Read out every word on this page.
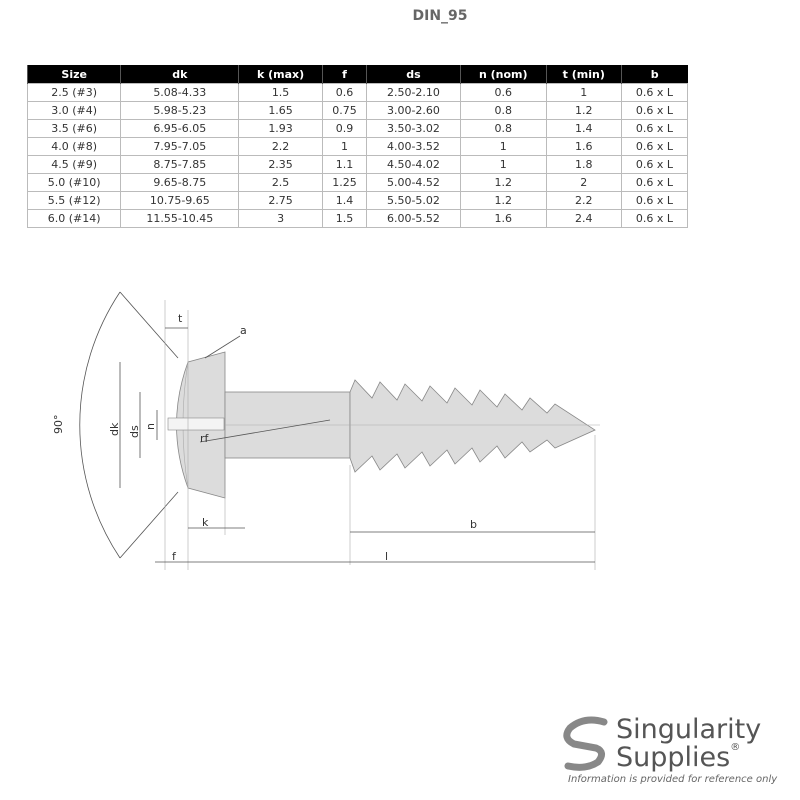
DIN_95
Size	dk	k (max)	f	ds	n (nom)	t (min)	b
2.5 (#3)	5.08-4.33	1.5	0.6	2.50-2.10	0.6	1	0.6 x L
3.0 (#4)	5.98-5.23	1.65	0.75	3.00-2.60	0.8	1.2	0.6 x L
3.5 (#6)	6.95-6.05	1.93	0.9	3.50-3.02	0.8	1.4	0.6 x L
4.0 (#8)	7.95-7.05	2.2	1	4.00-3.52	1	1.6	0.6 x L
4.5 (#9)	8.75-7.85	2.35	1.1	4.50-4.02	1	1.8	0.6 x L
5.0 (#10)	9.65-8.75	2.5	1.25	5.00-4.52	1.2	2	0.6 x L
5.5 (#12)	10.75-9.65	2.75	1.4	5.50-5.02	1.2	2.2	0.6 x L
6.0 (#14)	11.55-10.45	3	1.5	6.00-5.52	1.6	2.4	0.6 x L
90°
t
a
dk ds n
rf
k	b
f	l
Singularity
Supplies®
Information is provided for reference only
